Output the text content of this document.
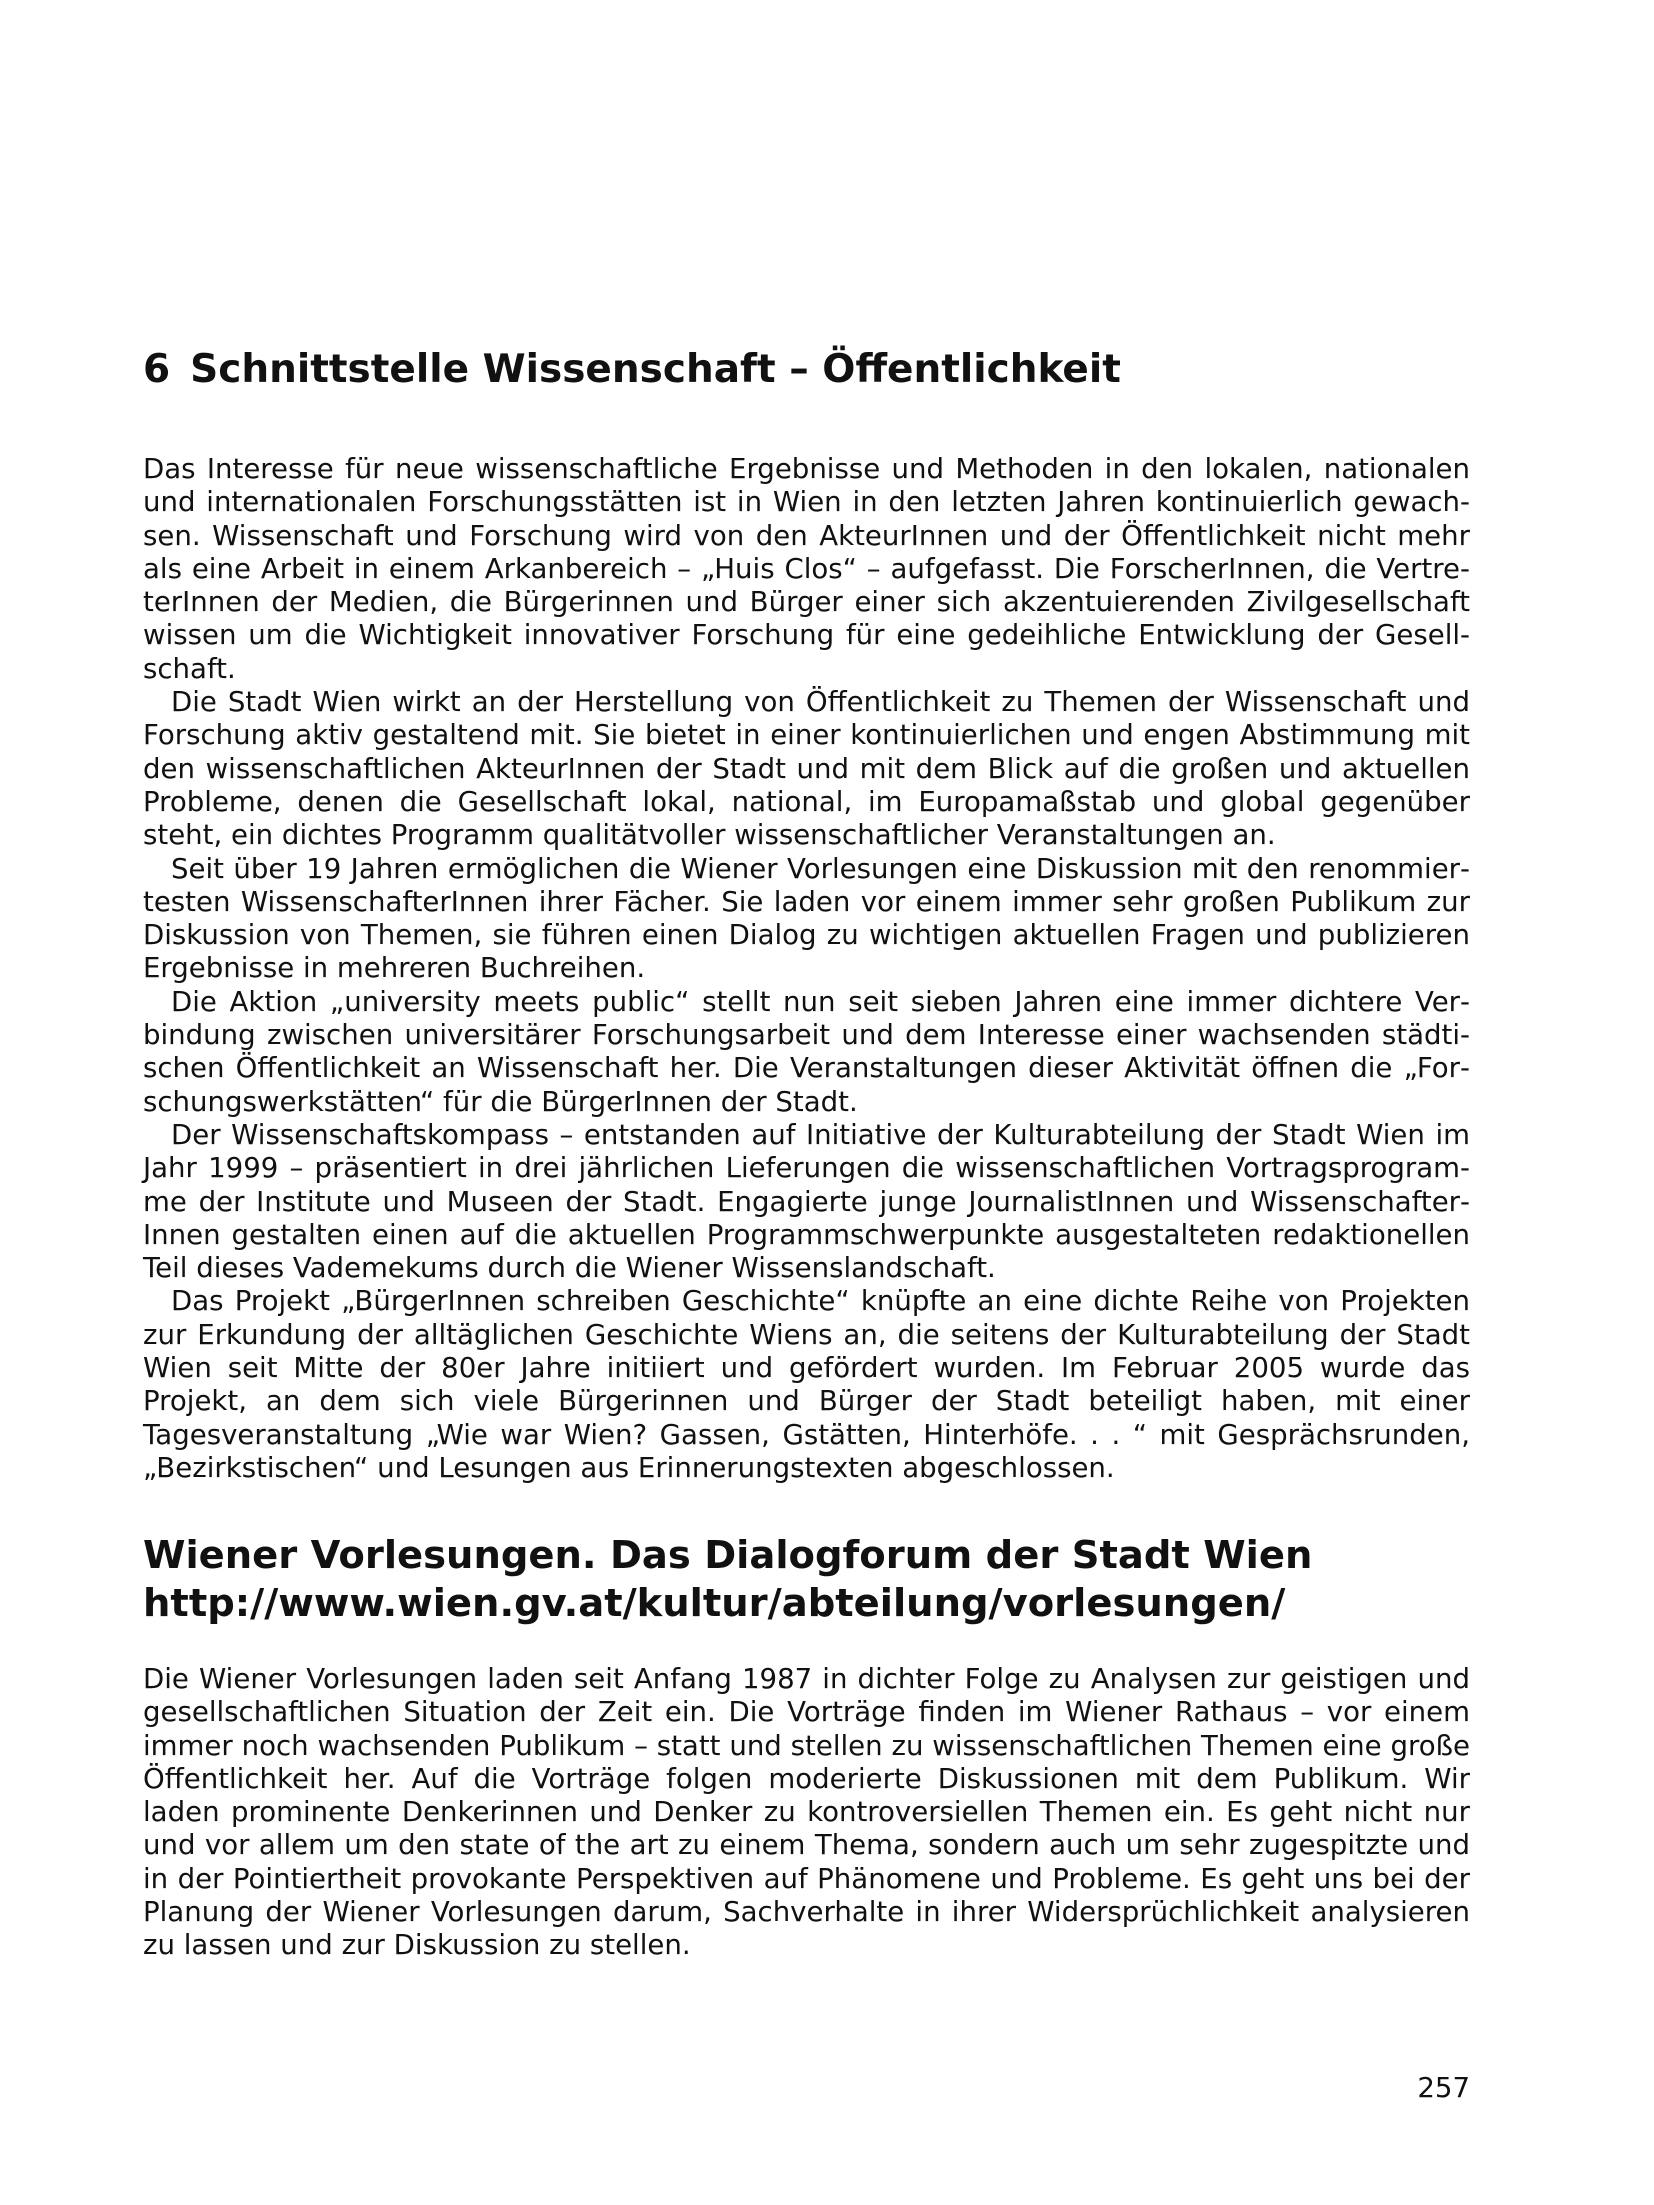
6 Schnittstelle Wissenschaft – Öffentlichkeit

Das Interesse für neue wissenschaftliche Ergebnisse und Methoden in den lokalen, nationalen und internationalen Forschungsstätten ist in Wien in den letzten Jahren kontinuierlich gewachsen. Wissenschaft und Forschung wird von den AkteurInnen und der Öffentlichkeit nicht mehr als eine Arbeit in einem Arkanbereich – „Huis Clos“ – aufgefasst. Die ForscherInnen, die VertreterInnen der Medien, die Bürgerinnen und Bürger einer sich akzentuierenden Zivilgesellschaft wissen um die Wichtigkeit innovativer Forschung für eine gedeihliche Entwicklung der Gesellschaft.

Die Stadt Wien wirkt an der Herstellung von Öffentlichkeit zu Themen der Wissenschaft und Forschung aktiv gestaltend mit. Sie bietet in einer kontinuierlichen und engen Abstimmung mit den wissenschaftlichen AkteurInnen der Stadt und mit dem Blick auf die großen und aktuellen Probleme, denen die Gesellschaft lokal, national, im Europamaßstab und global gegenüber steht, ein dichtes Programm qualitätvoller wissenschaftlicher Veranstaltungen an.

Seit über 19 Jahren ermöglichen die Wiener Vorlesungen eine Diskussion mit den renommiertesten WissenschafterInnen ihrer Fächer. Sie laden vor einem immer sehr großen Publikum zur Diskussion von Themen, sie führen einen Dialog zu wichtigen aktuellen Fragen und publizieren Ergebnisse in mehreren Buchreihen.

Die Aktion „university meets public“ stellt nun seit sieben Jahren eine immer dichtere Verbindung zwischen universitärer Forschungsarbeit und dem Interesse einer wachsenden städtischen Öffentlichkeit an Wissenschaft her. Die Veranstaltungen dieser Aktivität öffnen die „Forschungswerkstätten“ für die BürgerInnen der Stadt.

Der Wissenschaftskompass – entstanden auf Initiative der Kulturabteilung der Stadt Wien im Jahr 1999 – präsentiert in drei jährlichen Lieferungen die wissenschaftlichen Vortragsprogramme der Institute und Museen der Stadt. Engagierte junge JournalistInnen und WissenschafterInnen gestalten einen auf die aktuellen Programmschwerpunkte ausgestalteten redaktionellen Teil dieses Vademekums durch die Wiener Wissenslandschaft.

Das Projekt „BürgerInnen schreiben Geschichte“ knüpfte an eine dichte Reihe von Projekten zur Erkundung der alltäglichen Geschichte Wiens an, die seitens der Kulturabteilung der Stadt Wien seit Mitte der 80er Jahre initiiert und gefördert wurden. Im Februar 2005 wurde das Projekt, an dem sich viele Bürgerinnen und Bürger der Stadt beteiligt haben, mit einer Tagesveranstaltung „Wie war Wien? Gassen, Gstätten, Hinterhöfe. . . “ mit Gesprächsrunden, „Bezirkstischen“ und Lesungen aus Erinnerungstexten abgeschlossen.

Wiener Vorlesungen. Das Dialogforum der Stadt Wien
http://www.wien.gv.at/kultur/abteilung/vorlesungen/

Die Wiener Vorlesungen laden seit Anfang 1987 in dichter Folge zu Analysen zur geistigen und gesellschaftlichen Situation der Zeit ein. Die Vorträge finden im Wiener Rathaus – vor einem immer noch wachsenden Publikum – statt und stellen zu wissenschaftlichen Themen eine große Öffentlichkeit her. Auf die Vorträge folgen moderierte Diskussionen mit dem Publikum. Wir laden prominente Denkerinnen und Denker zu kontroversiellen Themen ein. Es geht nicht nur und vor allem um den state of the art zu einem Thema, sondern auch um sehr zugespitzte und in der Pointiertheit provokante Perspektiven auf Phänomene und Probleme. Es geht uns bei der Planung der Wiener Vorlesungen darum, Sachverhalte in ihrer Widersprüchlichkeit analysieren zu lassen und zur Diskussion zu stellen.

257
